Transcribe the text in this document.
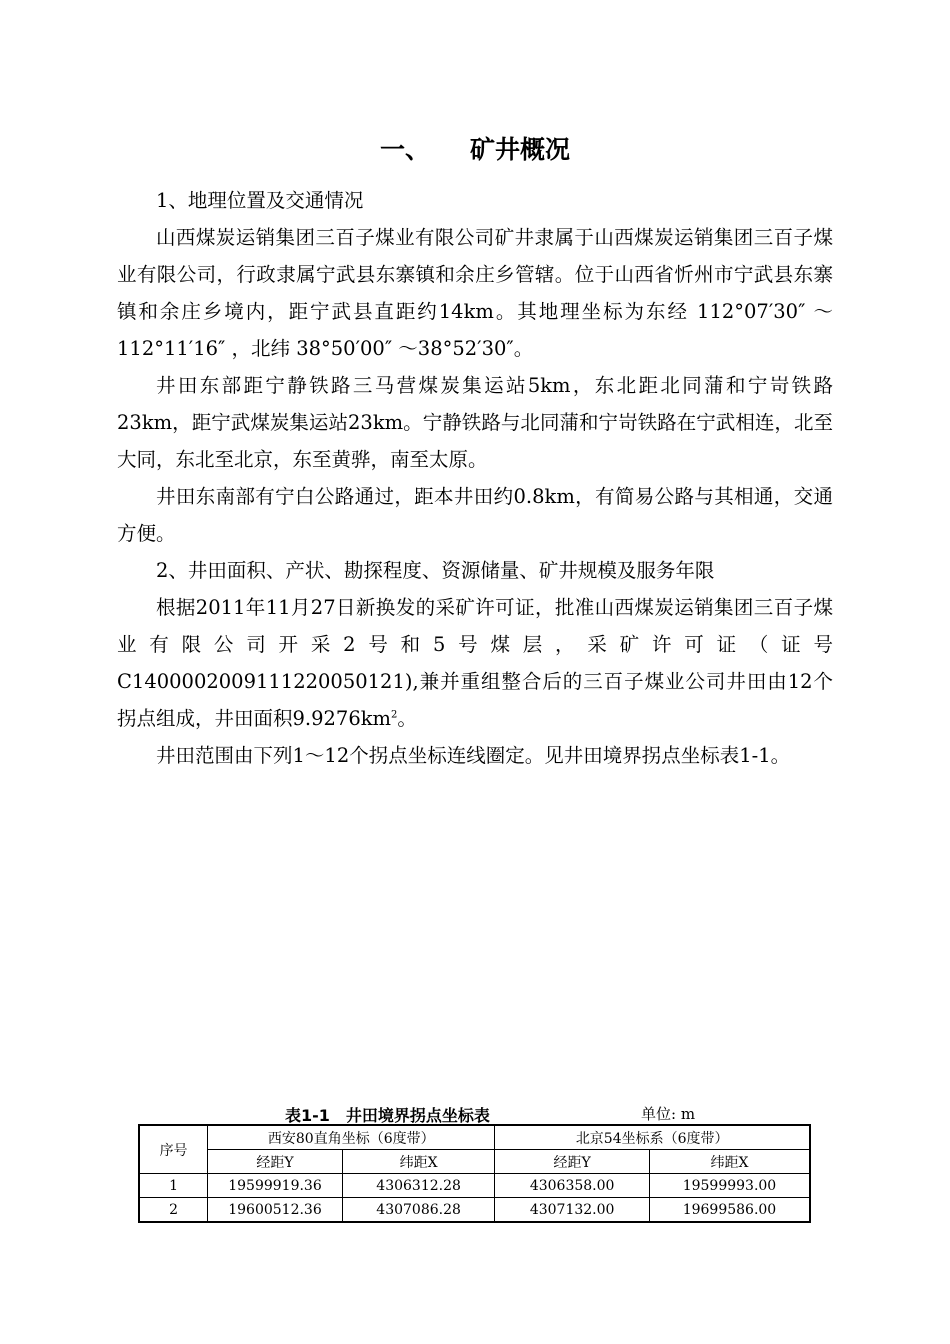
一、 矿井概况

1、地理位置及交通情况

山西煤炭运销集团三百子煤业有限公司矿井隶属于山西煤炭运销集团三百子煤业有限公司，行政隶属宁武县东寨镇和余庄乡管辖。位于山西省忻州市宁武县东寨镇和余庄乡境内，距宁武县直距约14km。其地理坐标为东经 112°07′30″ ～112°11′16″ ，北纬 38°50′00″ ～38°52′30″。

井田东部距宁静铁路三马营煤炭集运站5km，东北距北同蒲和宁岢铁路23km，距宁武煤炭集运站23km。宁静铁路与北同蒲和宁岢铁路在宁武相连，北至大同，东北至北京，东至黄骅，南至太原。

井田东南部有宁白公路通过，距本井田约0.8km，有简易公路与其相通，交通方便。

2、井田面积、产状、勘探程度、资源储量、矿井规模及服务年限

根据2011年11月27日新换发的采矿许可证，批准山西煤炭运销集团三百子煤业有限公司开采2号和5号煤层，采矿许可证（证号C1400002009111220050121),兼并重组整合后的三百子煤业公司井田由12个拐点组成，井田面积$9.9276km^2$。

井田范围由下列1～12个拐点坐标连线圈定。见井田境界拐点坐标表1-1。

表1-1　井田境界拐点坐标表	单位: m
序号	西安80直角坐标（6度带）		北京54坐标系（6度带）	
	经距Y	纬距X	经距Y	纬距X
1	19599919.36	4306312.28	4306358.00	19599993.00
2	19600512.36	4307086.28	4307132.00	19699586.00
